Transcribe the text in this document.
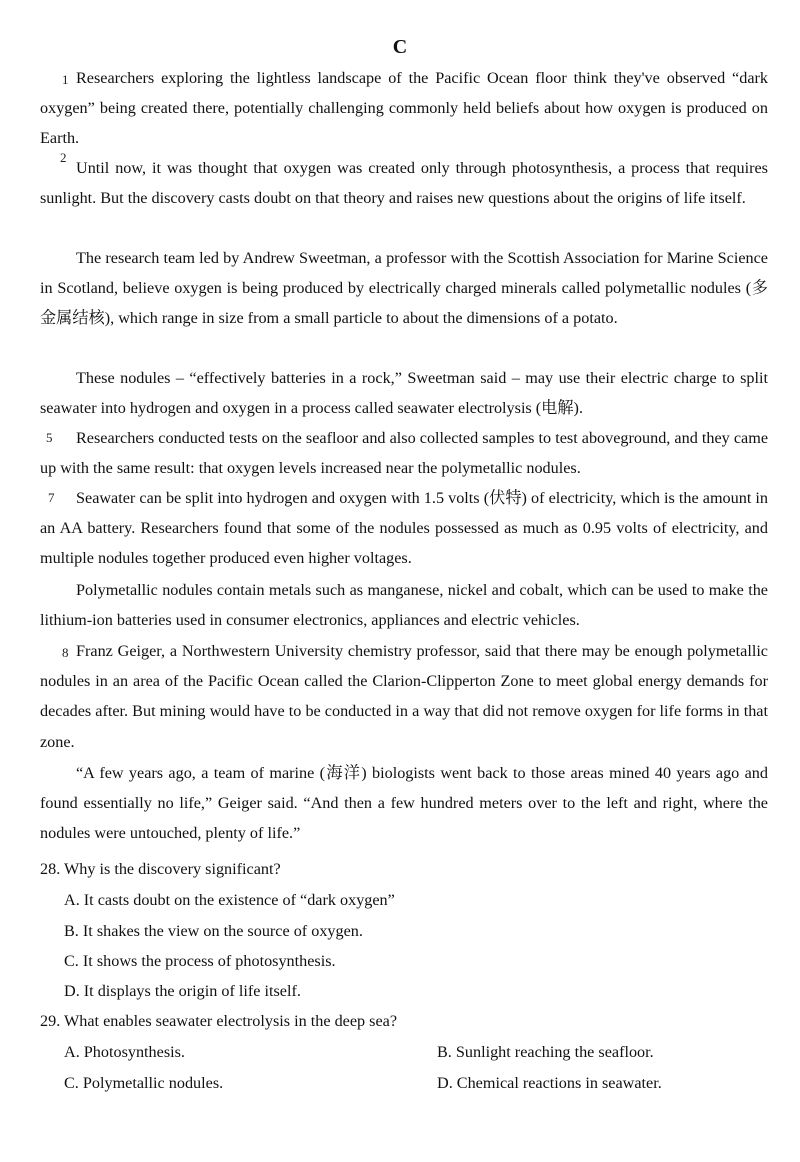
C
1
2
5
7
8

Researchers exploring the lightless landscape of the Pacific Ocean floor think they've observed “dark oxygen” being created there, potentially challenging commonly held beliefs about how oxygen is produced on Earth.

Until now, it was thought that oxygen was created only through photosynthesis, a process that requires sunlight. But the discovery casts doubt on that theory and raises new questions about the origins of life itself.

The research team led by Andrew Sweetman, a professor with the Scottish Association for Marine Science in Scotland, believe oxygen is being produced by electrically charged minerals called polymetallic nodules (多金属结核), which range in size from a small particle to about the dimensions of a potato.

These nodules – “effectively batteries in a rock,” Sweetman said – may use their electric charge to split seawater into hydrogen and oxygen in a process called seawater electrolysis (电解).

Researchers conducted tests on the seafloor and also collected samples to test aboveground, and they came up with the same result: that oxygen levels increased near the polymetallic nodules.

Seawater can be split into hydrogen and oxygen with 1.5 volts (伏特) of electricity, which is the amount in an AA battery. Researchers found that some of the nodules possessed as much as 0.95 volts of electricity, and multiple nodules together produced even higher voltages.

Polymetallic nodules contain metals such as manganese, nickel and cobalt, which can be used to make the lithium-ion batteries used in consumer electronics, appliances and electric vehicles.

Franz Geiger, a Northwestern University chemistry professor, said that there may be enough polymetallic nodules in an area of the Pacific Ocean called the Clarion-Clipperton Zone to meet global energy demands for decades after. But mining would have to be conducted in a way that did not remove oxygen for life forms in that zone.

“A few years ago, a team of marine (海洋) biologists went back to those areas mined 40 years ago and found essentially no life,” Geiger said. “And then a few hundred meters over to the left and right, where the nodules were untouched, plenty of life.”

28. Why is the discovery significant?

A. It casts doubt on the existence of “dark oxygen”

B. It shakes the view on the source of oxygen.

C. It shows the process of photosynthesis.

D. It displays the origin of life itself.

29. What enables seawater electrolysis in the deep sea?

A. Photosynthesis.	B. Sunlight reaching the seafloor.

C. Polymetallic nodules.	D. Chemical reactions in seawater.
